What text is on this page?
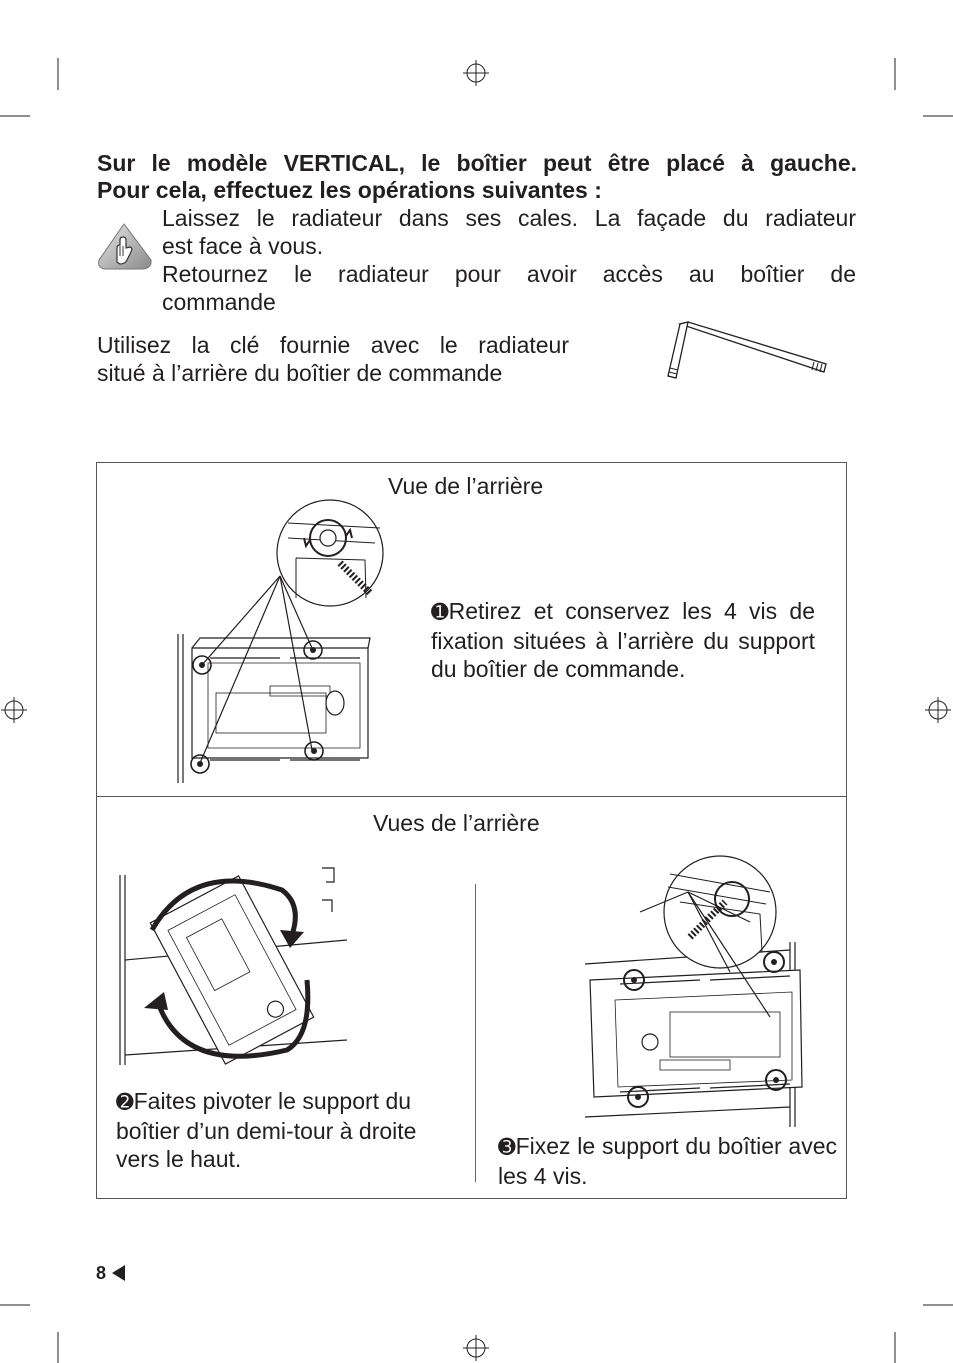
Sur le modèle VERTICAL, le boîtier peut être placé à gauche.
Pour cela, effectuez les opérations suivantes :
Laissez le radiateur dans ses cales. La façade du radiateur
est face à vous.
Retournez le radiateur pour avoir accès au boîtier de
commande
Utilisez la clé fournie avec le radiateur
situé à l’arrière du boîtier de commande
Vue de l’arrière
➊Retirez et conservez les 4 vis de fixation situées à l’arrière du support du boîtier de commande.
Vues de l’arrière
➋Faites pivoter le support du boîtier d’un demi-tour à droite vers le haut.	➌Fixez le support du boîtier avec les 4 vis.
8
